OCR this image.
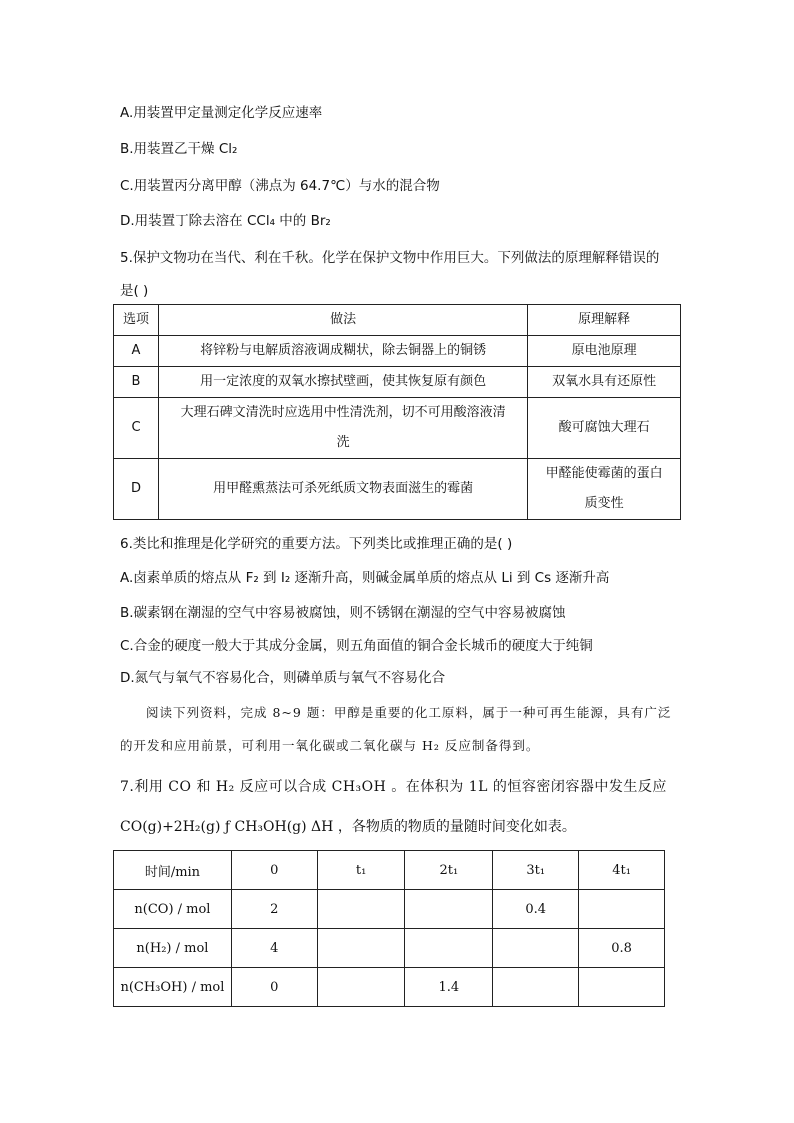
A.用装置甲定量测定化学反应速率
B.用装置乙干燥 Cl₂
C.用装置丙分离甲醇（沸点为 64.7℃）与水的混合物
D.用装置丁除去溶在 CCl₄ 中的 Br₂
5.保护文物功在当代、利在千秋。化学在保护文物中作用巨大。下列做法的原理解释错误的
是( )
选项	做法	原理解释
A	将锌粉与电解质溶液调成糊状，除去铜器上的铜锈	原电池原理
B	用一定浓度的双氧水擦拭壁画，使其恢复原有颜色	双氧水具有还原性
C	大理石碑文清洗时应选用中性清洗剂，切不可用酸溶液清
洗	酸可腐蚀大理石
D	用甲醛熏蒸法可杀死纸质文物表面滋生的霉菌	甲醛能使霉菌的蛋白
质变性
6.类比和推理是化学研究的重要方法。下列类比或推理正确的是( )
A.卤素单质的熔点从 F₂ 到 I₂ 逐渐升高，则碱金属单质的熔点从 Li 到 Cs 逐渐升高
B.碳素钢在潮湿的空气中容易被腐蚀，则不锈钢在潮湿的空气中容易被腐蚀
C.合金的硬度一般大于其成分金属，则五角面值的铜合金长城币的硬度大于纯铜
D.氮气与氧气不容易化合，则磷单质与氧气不容易化合
阅读下列资料，完成 8~9 题：甲醇是重要的化工原料，属于一种可再生能源，具有广泛
的开发和应用前景，可利用一氧化碳或二氧化碳与 H₂ 反应制备得到。
7.利用 CO 和 H₂ 反应可以合成 CH₃OH 。在体积为 1L 的恒容密闭容器中发生反应
CO(g)+2H₂(g) ƒ CH₃OH(g) ΔH ，各物质的物质的量随时间变化如表。
时间/min	0	t₁	2t₁	3t₁	4t₁
n(CO) / mol	2			0.4	
n(H₂) / mol	4				0.8
n(CH₃OH) / mol	0		1.4		
